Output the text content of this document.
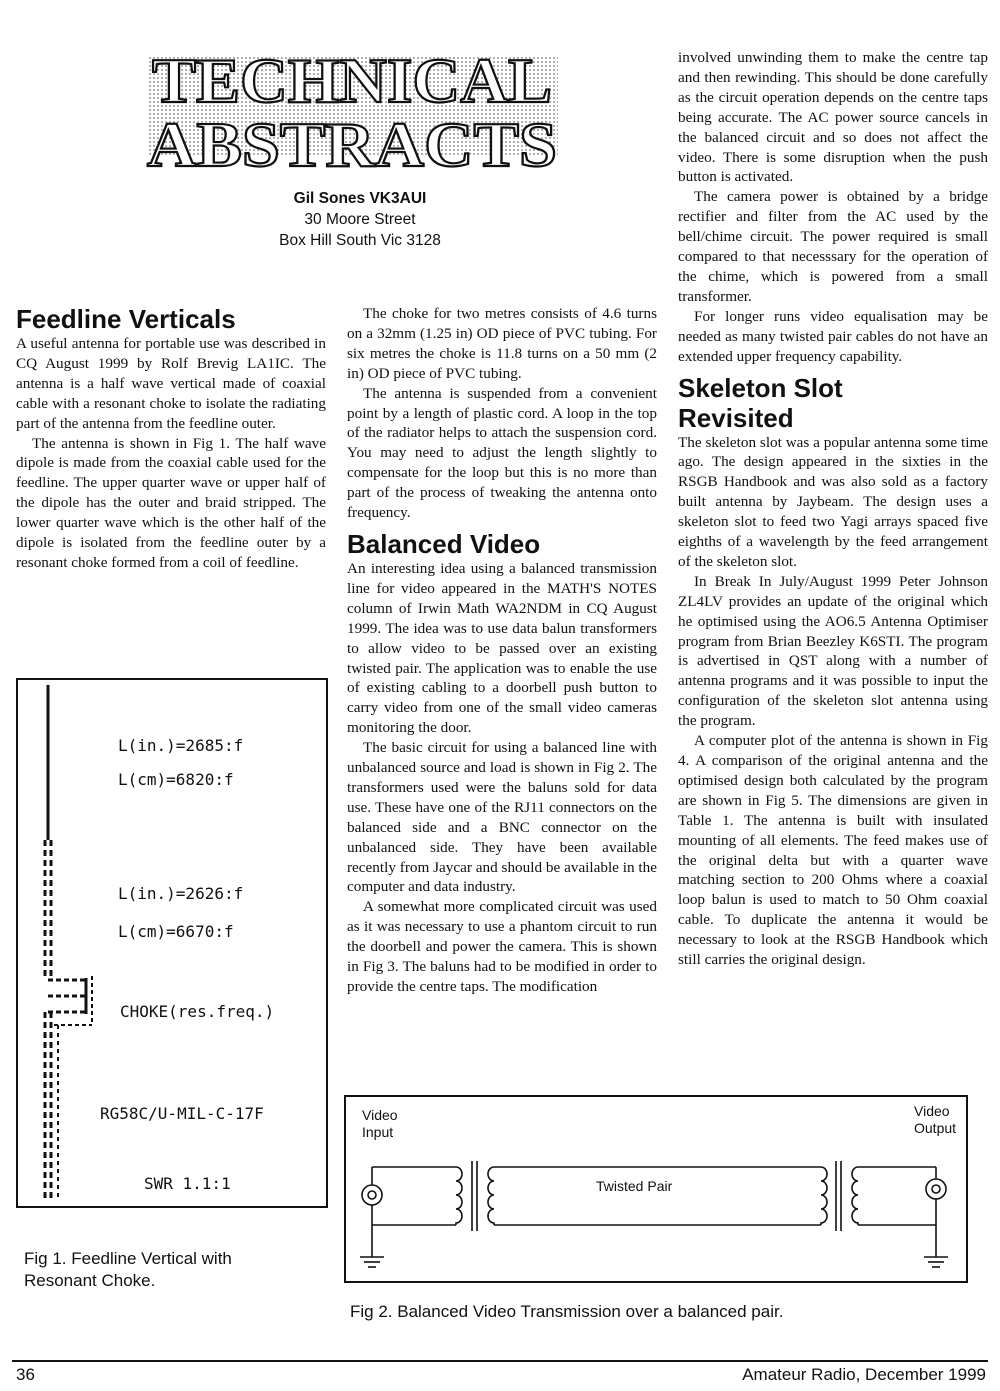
TECHNICAL
ABSTRACTS
Gil Sones VK3AUI
30 Moore Street
Box Hill South Vic 3128
Feedline Verticals

A useful antenna for portable use was described in CQ August 1999 by Rolf Brevig LA1IC. The antenna is a half wave vertical made of coaxial cable with a resonant choke to isolate the radiating part of the antenna from the feedline outer.

The antenna is shown in Fig 1. The half wave dipole is made from the coaxial cable used for the feedline. The upper quarter wave or upper half of the dipole has the outer and braid stripped. The lower quarter wave which is the other half of the dipole is isolated from the feedline outer by a resonant choke formed from a coil of feedline.

L(in.)=2685:f
L(cm)=6820:f
L(in.)=2626:f
L(cm)=6670:f
CHOKE(res.freq.)
RG58C/U-MIL-C-17F
SWR 1.1:1
Fig 1. Feedline Vertical with
Resonant Choke.

The choke for two metres consists of 4.6 turns on a 32mm (1.25 in) OD piece of PVC tubing. For six metres the choke is 11.8 turns on a 50 mm (2 in) OD piece of PVC tubing.

The antenna is suspended from a convenient point by a length of plastic cord. A loop in the top of the radiator helps to attach the suspension cord. You may need to adjust the length slightly to compensate for the loop but this is no more than part of the process of tweaking the antenna onto frequency.

Balanced Video

An interesting idea using a balanced transmission line for video appeared in the MATH'S NOTES column of Irwin Math WA2NDM in CQ August 1999. The idea was to use data balun transformers to allow video to be passed over an existing twisted pair. The application was to enable the use of existing cabling to a doorbell push button to carry video from one of the small video cameras monitoring the door.

The basic circuit for using a balanced line with unbalanced source and load is shown in Fig 2. The transformers used were the baluns sold for data use. These have one of the RJ11 connectors on the balanced side and a BNC connector on the unbalanced side. They have been available recently from Jaycar and should be available in the computer and data industry.

A somewhat more complicated circuit was used as it was necessary to use a phantom circuit to run the doorbell and power the camera. This is shown in Fig 3. The baluns had to be modified in order to provide the centre taps. The modification

involved unwinding them to make the centre tap and then rewinding. This should be done carefully as the circuit operation depends on the centre taps being accurate. The AC power source cancels in the balanced circuit and so does not affect the video. There is some disruption when the push button is activated.

The camera power is obtained by a bridge rectifier and filter from the AC used by the bell/chime circuit. The power required is small compared to that necesssary for the operation of the chime, which is powered from a small transformer.

For longer runs video equalisation may be needed as many twisted pair cables do not have an extended upper frequency capability.

Skeleton Slot
Revisited

The skeleton slot was a popular antenna some time ago. The design appeared in the sixties in the RSGB Handbook and was also sold as a factory built antenna by Jaybeam. The design uses a skeleton slot to feed two Yagi arrays spaced five eighths of a wavelength by the feed arrangement of the skeleton slot.

In Break In July/August 1999 Peter Johnson ZL4LV provides an update of the original which he optimised using the AO6.5 Antenna Optimiser program from Brian Beezley K6STI. The program is advertised in QST along with a number of antenna programs and it was possible to input the configuration of the skeleton slot antenna using the program.

A computer plot of the antenna is shown in Fig 4. A comparison of the original antenna and the optimised design both calculated by the program are shown in Fig 5. The dimensions are given in Table 1. The antenna is built with insulated mounting of all elements. The feed makes use of the original delta but with a quarter wave matching section to 200 Ohms where a coaxial loop balun is used to match to 50 Ohm coaxial cable. To duplicate the antenna it would be necessary to look at the RSGB Handbook which still carries the original design.

Video
Input
Video
Output
Twisted Pair
Fig 2. Balanced Video Transmission over a balanced pair.
36	Amateur Radio, December 1999
